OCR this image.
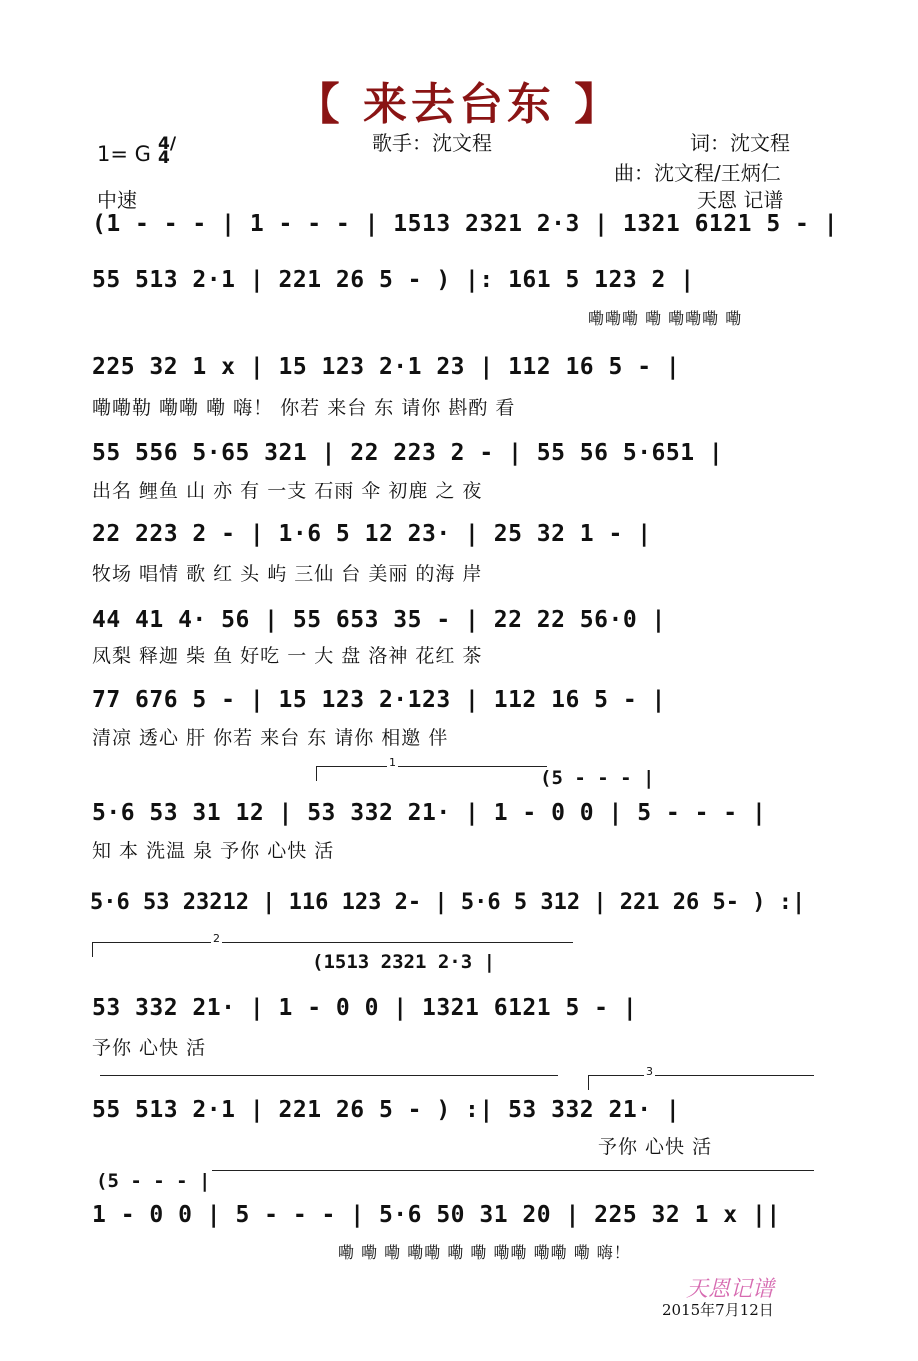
【 来去台东 】
歌手：沈文程	词：沈文程
曲：沈文程/王炳仁
1= G 4/4
中速	天恩 记谱
(1 - - - | 1 - - - | 1513 2321 2·3 | 1321 6121 5 - |
55 513 2·1 | 221 26 5 - ) |: 161 5 123 2 |
嘞嘞嘞 嘞 嘞嘞嘞 嘞
225 32 1 x | 15 123 2·1 23 | 112 16 5 - |
嘞嘞勒 嘞嘞 嘞 嗨！ 你若 来台 东 请你 斟酌 看
55 556 5·65 321 | 22 223 2 - | 55 56 5·651 |
出名 鲤鱼 山 亦 有 一支 石雨 伞 初鹿 之 夜
22 223 2 - | 1·6 5 12 23· | 25 32 1 - |
牧场 唱情 歌 红 头 屿 三仙 台 美丽 的海 岸
44 41 4· 56 | 55 653 35 - | 22 22 56·0 |
凤梨 释迦 柴 鱼 好吃 一 大 盘 洛神 花红 茶
77 676 5 - | 15 123 2·123 | 112 16 5 - |
清凉 透心 肝 你若 来台 东 请你 相邀 伴
1
(5 - - - |
5·6 53 31 12 | 53 332 21· | 1 - 0 0 | 5 - - - |
知 本 洗温 泉 予你 心快 活
5·6 53 23212 | 116 123 2- | 5·6 5 312 | 221 26 5- ) :|
2
(1513 2321 2·3 |
53 332 21· | 1 - 0 0 | 1321 6121 5 - |
予你 心快 活
3
55 513 2·1 | 221 26 5 - ) :| 53 332 21· |
予你 心快 活
(5 - - - |
1 - 0 0 | 5 - - - | 5·6 50 31 20 | 225 32 1 x ||
嘞 嘞 嘞 嘞嘞 嘞 嘞 嘞嘞 嘞嘞 嘞 嗨！
天恩记谱
2015年7月12日
